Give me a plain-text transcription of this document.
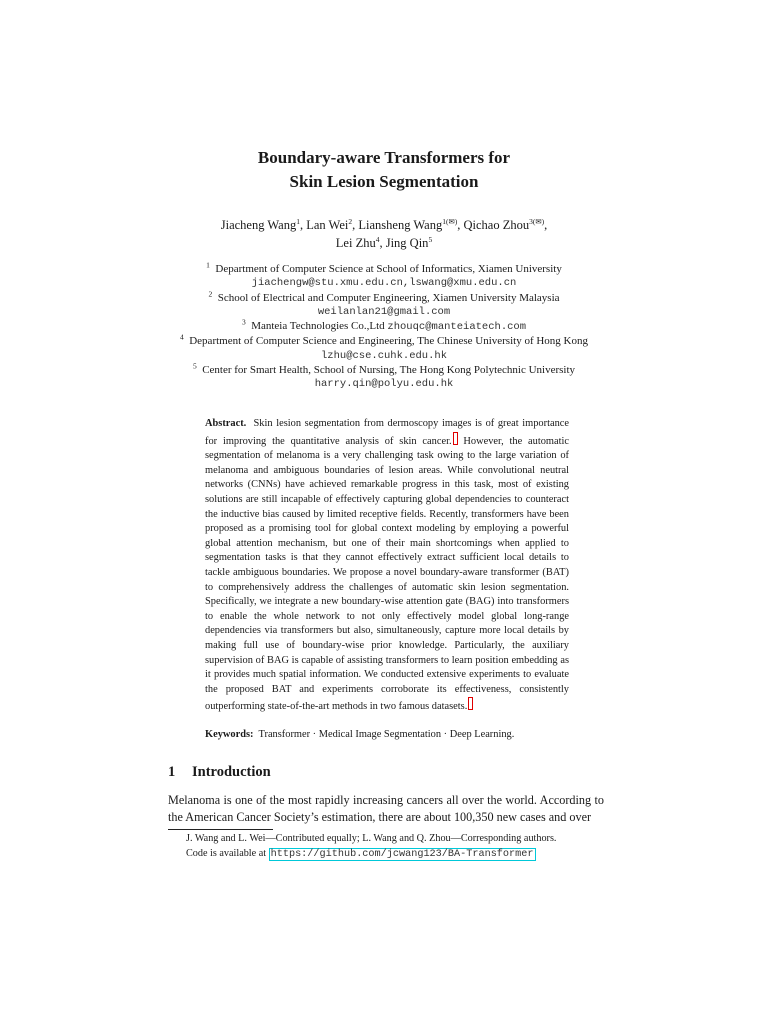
Boundary-aware Transformers for
Skin Lesion Segmentation
Jiacheng Wang$^1$, Lan Wei$^2$, Liansheng Wang$^{1(✉)}$, Qichao Zhou$^{3(✉)}$,
Lei Zhu$^4$, Jing Qin$^5$
$^1$ Department of Computer Science at School of Informatics, Xiamen University
jiachengw@stu.xmu.edu.cn,lswang@xmu.edu.cn
$^2$ School of Electrical and Computer Engineering, Xiamen University Malaysia
weilanlan21@gmail.com
$^3$ Manteia Technologies Co.,Ltd zhouqc@manteiatech.com
$^4$ Department of Computer Science and Engineering, The Chinese University of Hong Kong
lzhu@cse.cuhk.edu.hk
$^5$ Center for Smart Health, School of Nursing, The Hong Kong Polytechnic University
harry.qin@polyu.edu.hk
Abstract. Skin lesion segmentation from dermoscopy images is of great importance for improving the quantitative analysis of skin cancer. However, the automatic segmentation of melanoma is a very challenging task owing to the large variation of melanoma and ambiguous boundaries of lesion areas. While convolutional neutral networks (CNNs) have achieved remarkable progress in this task, most of existing solutions are still incapable of effectively capturing global dependencies to counteract the inductive bias caused by limited receptive fields. Recently, transformers have been proposed as a promising tool for global context modeling by employing a powerful global attention mechanism, but one of their main shortcomings when applied to segmentation tasks is that they cannot effectively extract sufficient local details to tackle ambiguous boundaries. We propose a novel boundary-aware transformer (BAT) to comprehensively address the challenges of automatic skin lesion segmentation. Specifically, we integrate a new boundary-wise attention gate (BAG) into transformers to enable the whole network to not only effectively model global long-range dependencies via transformers but also, simultaneously, capture more local details by making full use of boundary-wise prior knowledge. Particularly, the auxiliary supervision of BAG is capable of assisting transformers to learn position embedding as it provides much spatial information. We conducted extensive experiments to evaluate the proposed BAT and experiments corroborate its effectiveness, consistently outperforming state-of-the-art methods in two famous datasets.
Keywords: Transformer · Medical Image Segmentation · Deep Learning.
1 Introduction
Melanoma is one of the most rapidly increasing cancers all over the world. According to the American Cancer Society’s estimation, there are about 100,350 new cases and over
J. Wang and L. Wei—Contributed equally; L. Wang and Q. Zhou—Corresponding authors.
Code is available at https://github.com/jcwang123/BA-Transformer
